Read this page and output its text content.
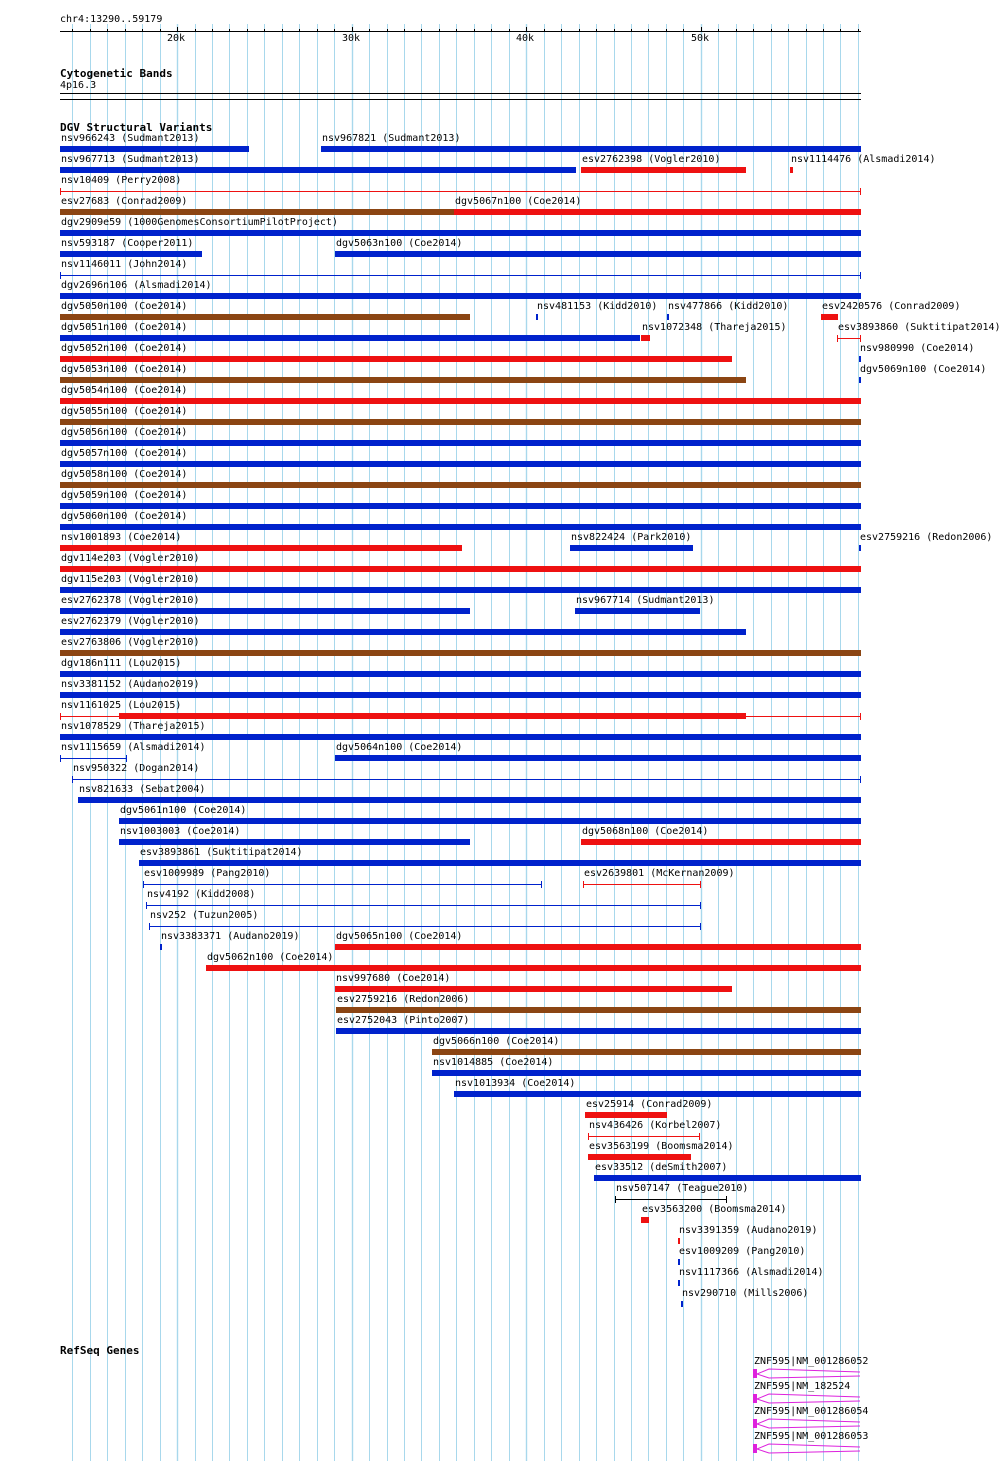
chr4:13290..59179
20k	30k	40k	50k
Cytogenetic Bands
4p16.3
DGV Structural Variants
nsv966243 (Sudmant2013)	nsv967821 (Sudmant2013)
nsv967713 (Sudmant2013)	esv2762398 (Vogler2010)	nsv1114476 (Alsmadi2014)
nsv10409 (Perry2008)
esv27683 (Conrad2009)	dgv5067n100 (Coe2014)
dgv2909e59 (1000GenomesConsortiumPilotProject)
nsv593187 (Cooper2011)	dgv5063n100 (Coe2014)
nsv1146011 (John2014)
dgv2696n106 (Alsmadi2014)
dgv5050n100 (Coe2014)	nsv481153 (Kidd2010) nsv477866 (Kidd2010)	esv2420576 (Conrad2009)
dgv5051n100 (Coe2014)	nsv1072348 (Thareja2015)	esv3893860 (Suktitipat2014)
dgv5052n100 (Coe2014)	nsv980990 (Coe2014)
dgv5053n100 (Coe2014)	dgv5069n100 (Coe2014)
dgv5054n100 (Coe2014)
dgv5055n100 (Coe2014)
dgv5056n100 (Coe2014)
dgv5057n100 (Coe2014)
dgv5058n100 (Coe2014)
dgv5059n100 (Coe2014)
dgv5060n100 (Coe2014)
nsv1001893 (Coe2014)	nsv822424 (Park2010)	esv2759216 (Redon2006)
dgv114e203 (Vogler2010)
dgv115e203 (Vogler2010)
esv2762378 (Vogler2010)	nsv967714 (Sudmant2013)
esv2762379 (Vogler2010)
esv2763806 (Vogler2010)
dgv186n111 (Lou2015)
nsv3381152 (Audano2019)
nsv1161025 (Lou2015)
nsv1078529 (Thareja2015)
nsv1115659 (Alsmadi2014)	dgv5064n100 (Coe2014)
nsv950322 (Dogan2014)
nsv821633 (Sebat2004)
dgv5061n100 (Coe2014)
nsv1003003 (Coe2014)	dgv5068n100 (Coe2014)
esv3893861 (Suktitipat2014)
esv1009989 (Pang2010)	esv2639801 (McKernan2009)
nsv4192 (Kidd2008)
nsv252 (Tuzun2005)
nsv3383371 (Audano2019)	dgv5065n100 (Coe2014)
dgv5062n100 (Coe2014)
nsv997680 (Coe2014)
esv2759216 (Redon2006)
esv2752043 (Pinto2007)
dgv5066n100 (Coe2014)
nsv1014885 (Coe2014)
nsv1013934 (Coe2014)
esv25914 (Conrad2009)
nsv436426 (Korbel2007)
esv3563199 (Boomsma2014)
esv33512 (deSmith2007)
nsv507147 (Teague2010)
esv3563200 (Boomsma2014)
nsv3391359 (Audano2019)
esv1009209 (Pang2010)
nsv1117366 (Alsmadi2014)
nsv290710 (Mills2006)
RefSeq Genes
ZNF595|NM_001286052
ZNF595|NM_182524
ZNF595|NM_001286054
ZNF595|NM_001286053
